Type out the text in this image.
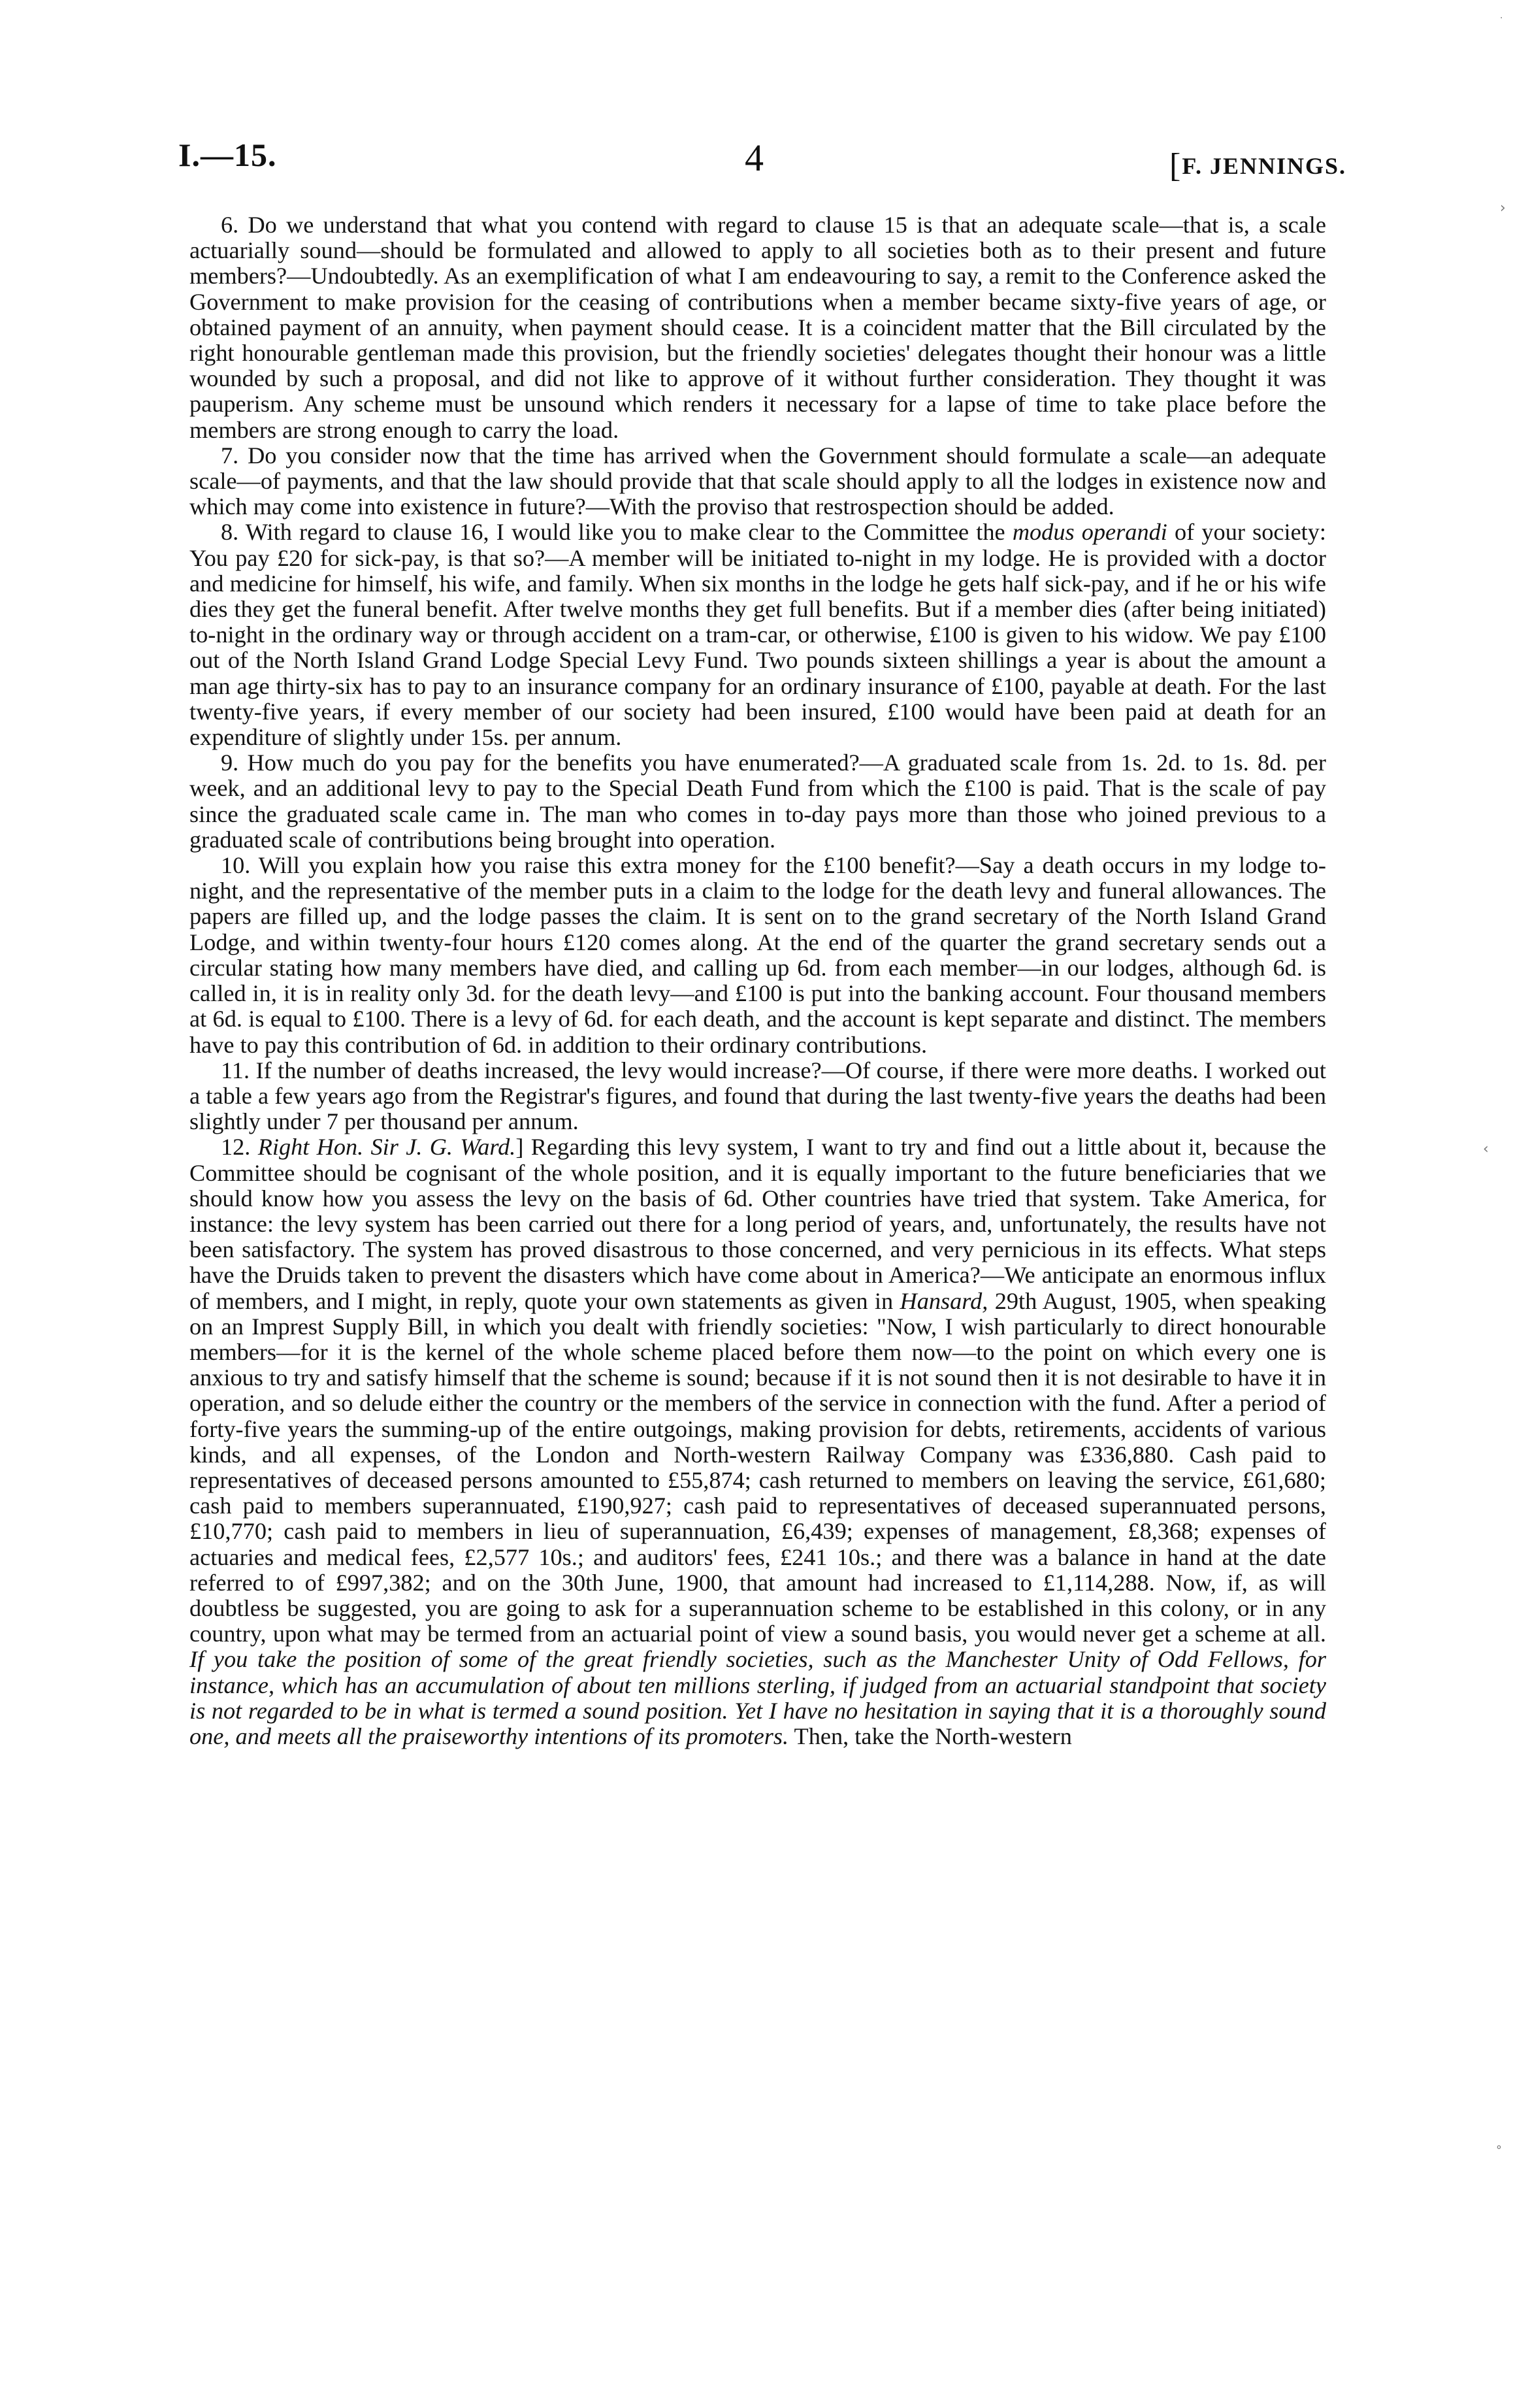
I.—15.	4	[F. JENNINGS.

6. Do we understand that what you contend with regard to clause 15 is that an adequate scale—that is, a scale actuarially sound—should be formulated and allowed to apply to all societies both as to their present and future members?—Undoubtedly. As an exemplification of what I am endeavouring to say, a remit to the Conference asked the Government to make provision for the ceasing of contributions when a member became sixty-five years of age, or obtained payment of an annuity, when payment should cease. It is a coincident matter that the Bill circulated by the right honourable gentleman made this provision, but the friendly societies' delegates thought their honour was a little wounded by such a proposal, and did not like to approve of it without further consideration. They thought it was pauperism. Any scheme must be unsound which renders it necessary for a lapse of time to take place before the members are strong enough to carry the load.

7. Do you consider now that the time has arrived when the Government should formulate a scale—an adequate scale—of payments, and that the law should provide that that scale should apply to all the lodges in existence now and which may come into existence in future?—With the proviso that restrospection should be added.

8. With regard to clause 16, I would like you to make clear to the Committee the modus operandi of your society: You pay £20 for sick-pay, is that so?—A member will be initiated to-night in my lodge. He is provided with a doctor and medicine for himself, his wife, and family. When six months in the lodge he gets half sick-pay, and if he or his wife dies they get the funeral benefit. After twelve months they get full benefits. But if a member dies (after being initiated) to-night in the ordinary way or through accident on a tram-car, or otherwise, £100 is given to his widow. We pay £100 out of the North Island Grand Lodge Special Levy Fund. Two pounds sixteen shillings a year is about the amount a man age thirty-six has to pay to an insurance company for an ordinary insurance of £100, payable at death. For the last twenty-five years, if every member of our society had been insured, £100 would have been paid at death for an expenditure of slightly under 15s. per annum.

9. How much do you pay for the benefits you have enumerated?—A graduated scale from 1s. 2d. to 1s. 8d. per week, and an additional levy to pay to the Special Death Fund from which the £100 is paid. That is the scale of pay since the graduated scale came in. The man who comes in to-day pays more than those who joined previous to a graduated scale of contributions being brought into operation.

10. Will you explain how you raise this extra money for the £100 benefit?—Say a death occurs in my lodge to-night, and the representative of the member puts in a claim to the lodge for the death levy and funeral allowances. The papers are filled up, and the lodge passes the claim. It is sent on to the grand secretary of the North Island Grand Lodge, and within twenty-four hours £120 comes along. At the end of the quarter the grand secretary sends out a circular stating how many members have died, and calling up 6d. from each member—in our lodges, although 6d. is called in, it is in reality only 3d. for the death levy—and £100 is put into the banking account. Four thousand members at 6d. is equal to £100. There is a levy of 6d. for each death, and the account is kept separate and distinct. The members have to pay this contribution of 6d. in addition to their ordinary contributions.

11. If the number of deaths increased, the levy would increase?—Of course, if there were more deaths. I worked out a table a few years ago from the Registrar's figures, and found that during the last twenty-five years the deaths had been slightly under 7 per thousand per annum.

12. Right Hon. Sir J. G. Ward.] Regarding this levy system, I want to try and find out a little about it, because the Committee should be cognisant of the whole position, and it is equally important to the future beneficiaries that we should know how you assess the levy on the basis of 6d. Other countries have tried that system. Take America, for instance: the levy system has been carried out there for a long period of years, and, unfortunately, the results have not been satisfactory. The system has proved disastrous to those concerned, and very pernicious in its effects. What steps have the Druids taken to prevent the disasters which have come about in America?—We anticipate an enormous influx of members, and I might, in reply, quote your own statements as given in Hansard, 29th August, 1905, when speaking on an Imprest Supply Bill, in which you dealt with friendly societies: "Now, I wish particularly to direct honourable members—for it is the kernel of the whole scheme placed before them now—to the point on which every one is anxious to try and satisfy himself that the scheme is sound; because if it is not sound then it is not desirable to have it in operation, and so delude either the country or the members of the service in connection with the fund. After a period of forty-five years the summing-up of the entire outgoings, making provision for debts, retirements, accidents of various kinds, and all expenses, of the London and North-western Railway Company was £336,880. Cash paid to representatives of deceased persons amounted to £55,874; cash returned to members on leaving the service, £61,680; cash paid to members superannuated, £190,927; cash paid to representatives of deceased superannuated persons, £10,770; cash paid to members in lieu of superannuation, £6,439; expenses of management, £8,368; expenses of actuaries and medical fees, £2,577 10s.; and auditors' fees, £241 10s.; and there was a balance in hand at the date referred to of £997,382; and on the 30th June, 1900, that amount had increased to £1,114,288. Now, if, as will doubtless be suggested, you are going to ask for a superannuation scheme to be established in this colony, or in any country, upon what may be termed from an actuarial point of view a sound basis, you would never get a scheme at all. If you take the position of some of the great friendly societies, such as the Manchester Unity of Odd Fellows, for instance, which has an accumulation of about ten millions sterling, if judged from an actuarial standpoint that society is not regarded to be in what is termed a sound position. Yet I have no hesitation in saying that it is a thoroughly sound one, and meets all the praiseworthy intentions of its promoters. Then, take the North-western

·
›
‹
°
